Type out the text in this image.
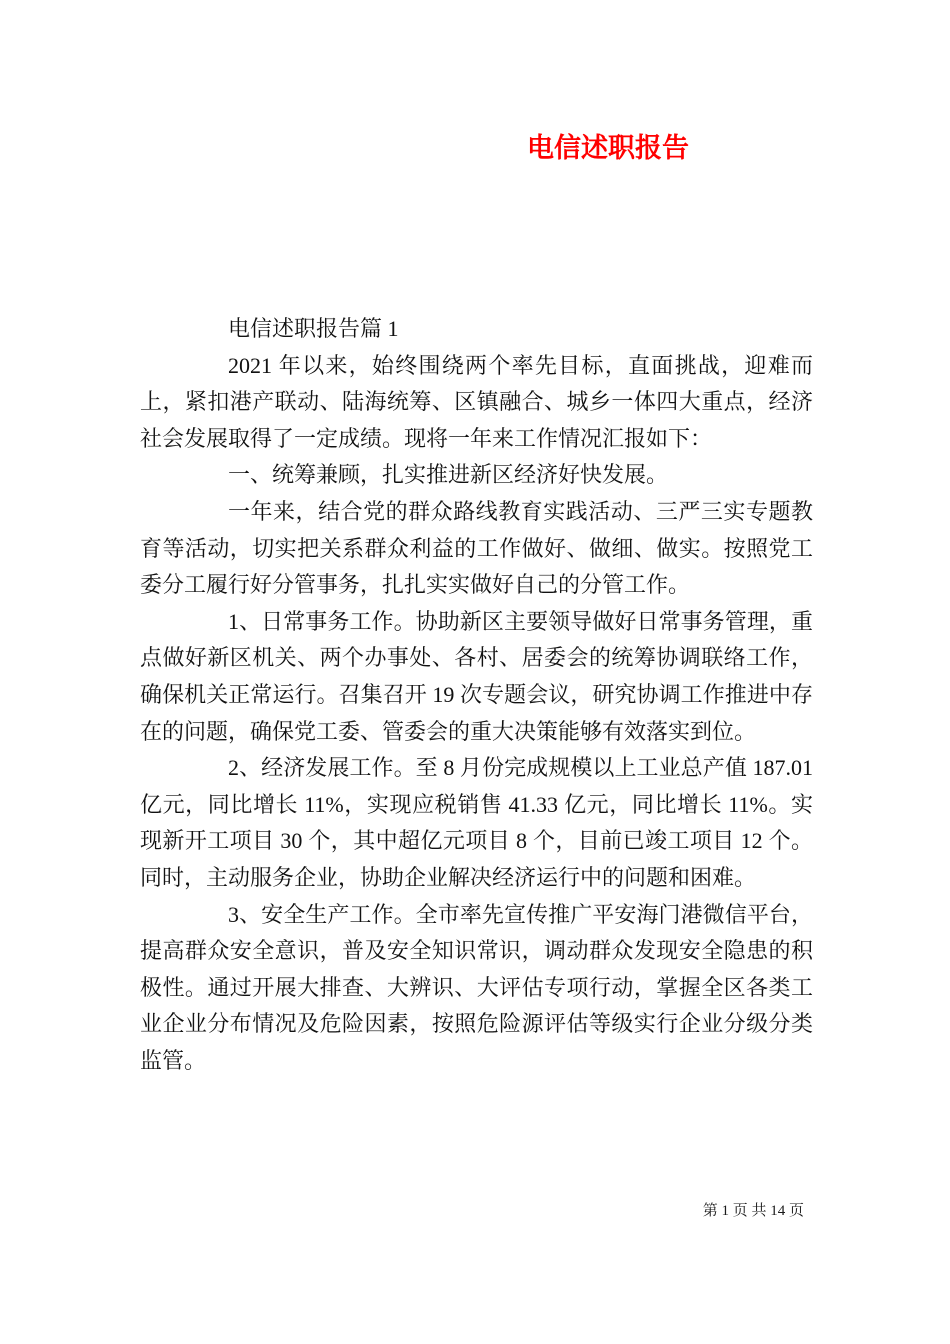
电信述职报告

电信述职报告篇 1

2021 年以来，始终围绕两个率先目标，直面挑战，迎难而上，紧扣港产联动、陆海统筹、区镇融合、城乡一体四大重点，经济社会发展取得了一定成绩。现将一年来工作情况汇报如下：

一、统筹兼顾，扎实推进新区经济好快发展。

一年来，结合党的群众路线教育实践活动、三严三实专题教育等活动，切实把关系群众利益的工作做好、做细、做实。按照党工委分工履行好分管事务，扎扎实实做好自己的分管工作。

1、日常事务工作。协助新区主要领导做好日常事务管理，重点做好新区机关、两个办事处、各村、居委会的统筹协调联络工作，确保机关正常运行。召集召开 19 次专题会议，研究协调工作推进中存在的问题，确保党工委、管委会的重大决策能够有效落实到位。

2、经济发展工作。至 8 月份完成规模以上工业总产值 187.01 亿元，同比增长 11%，实现应税销售 41.33 亿元，同比增长 11%。实现新开工项目 30 个，其中超亿元项目 8 个，目前已竣工项目 12 个。同时，主动服务企业，协助企业解决经济运行中的问题和困难。

3、安全生产工作。全市率先宣传推广平安海门港微信平台，提高群众安全意识，普及安全知识常识，调动群众发现安全隐患的积极性。通过开展大排查、大辨识、大评估专项行动，掌握全区各类工业企业分布情况及危险因素，按照危险源评估等级实行企业分级分类监管。

第 1 页 共 14 页
